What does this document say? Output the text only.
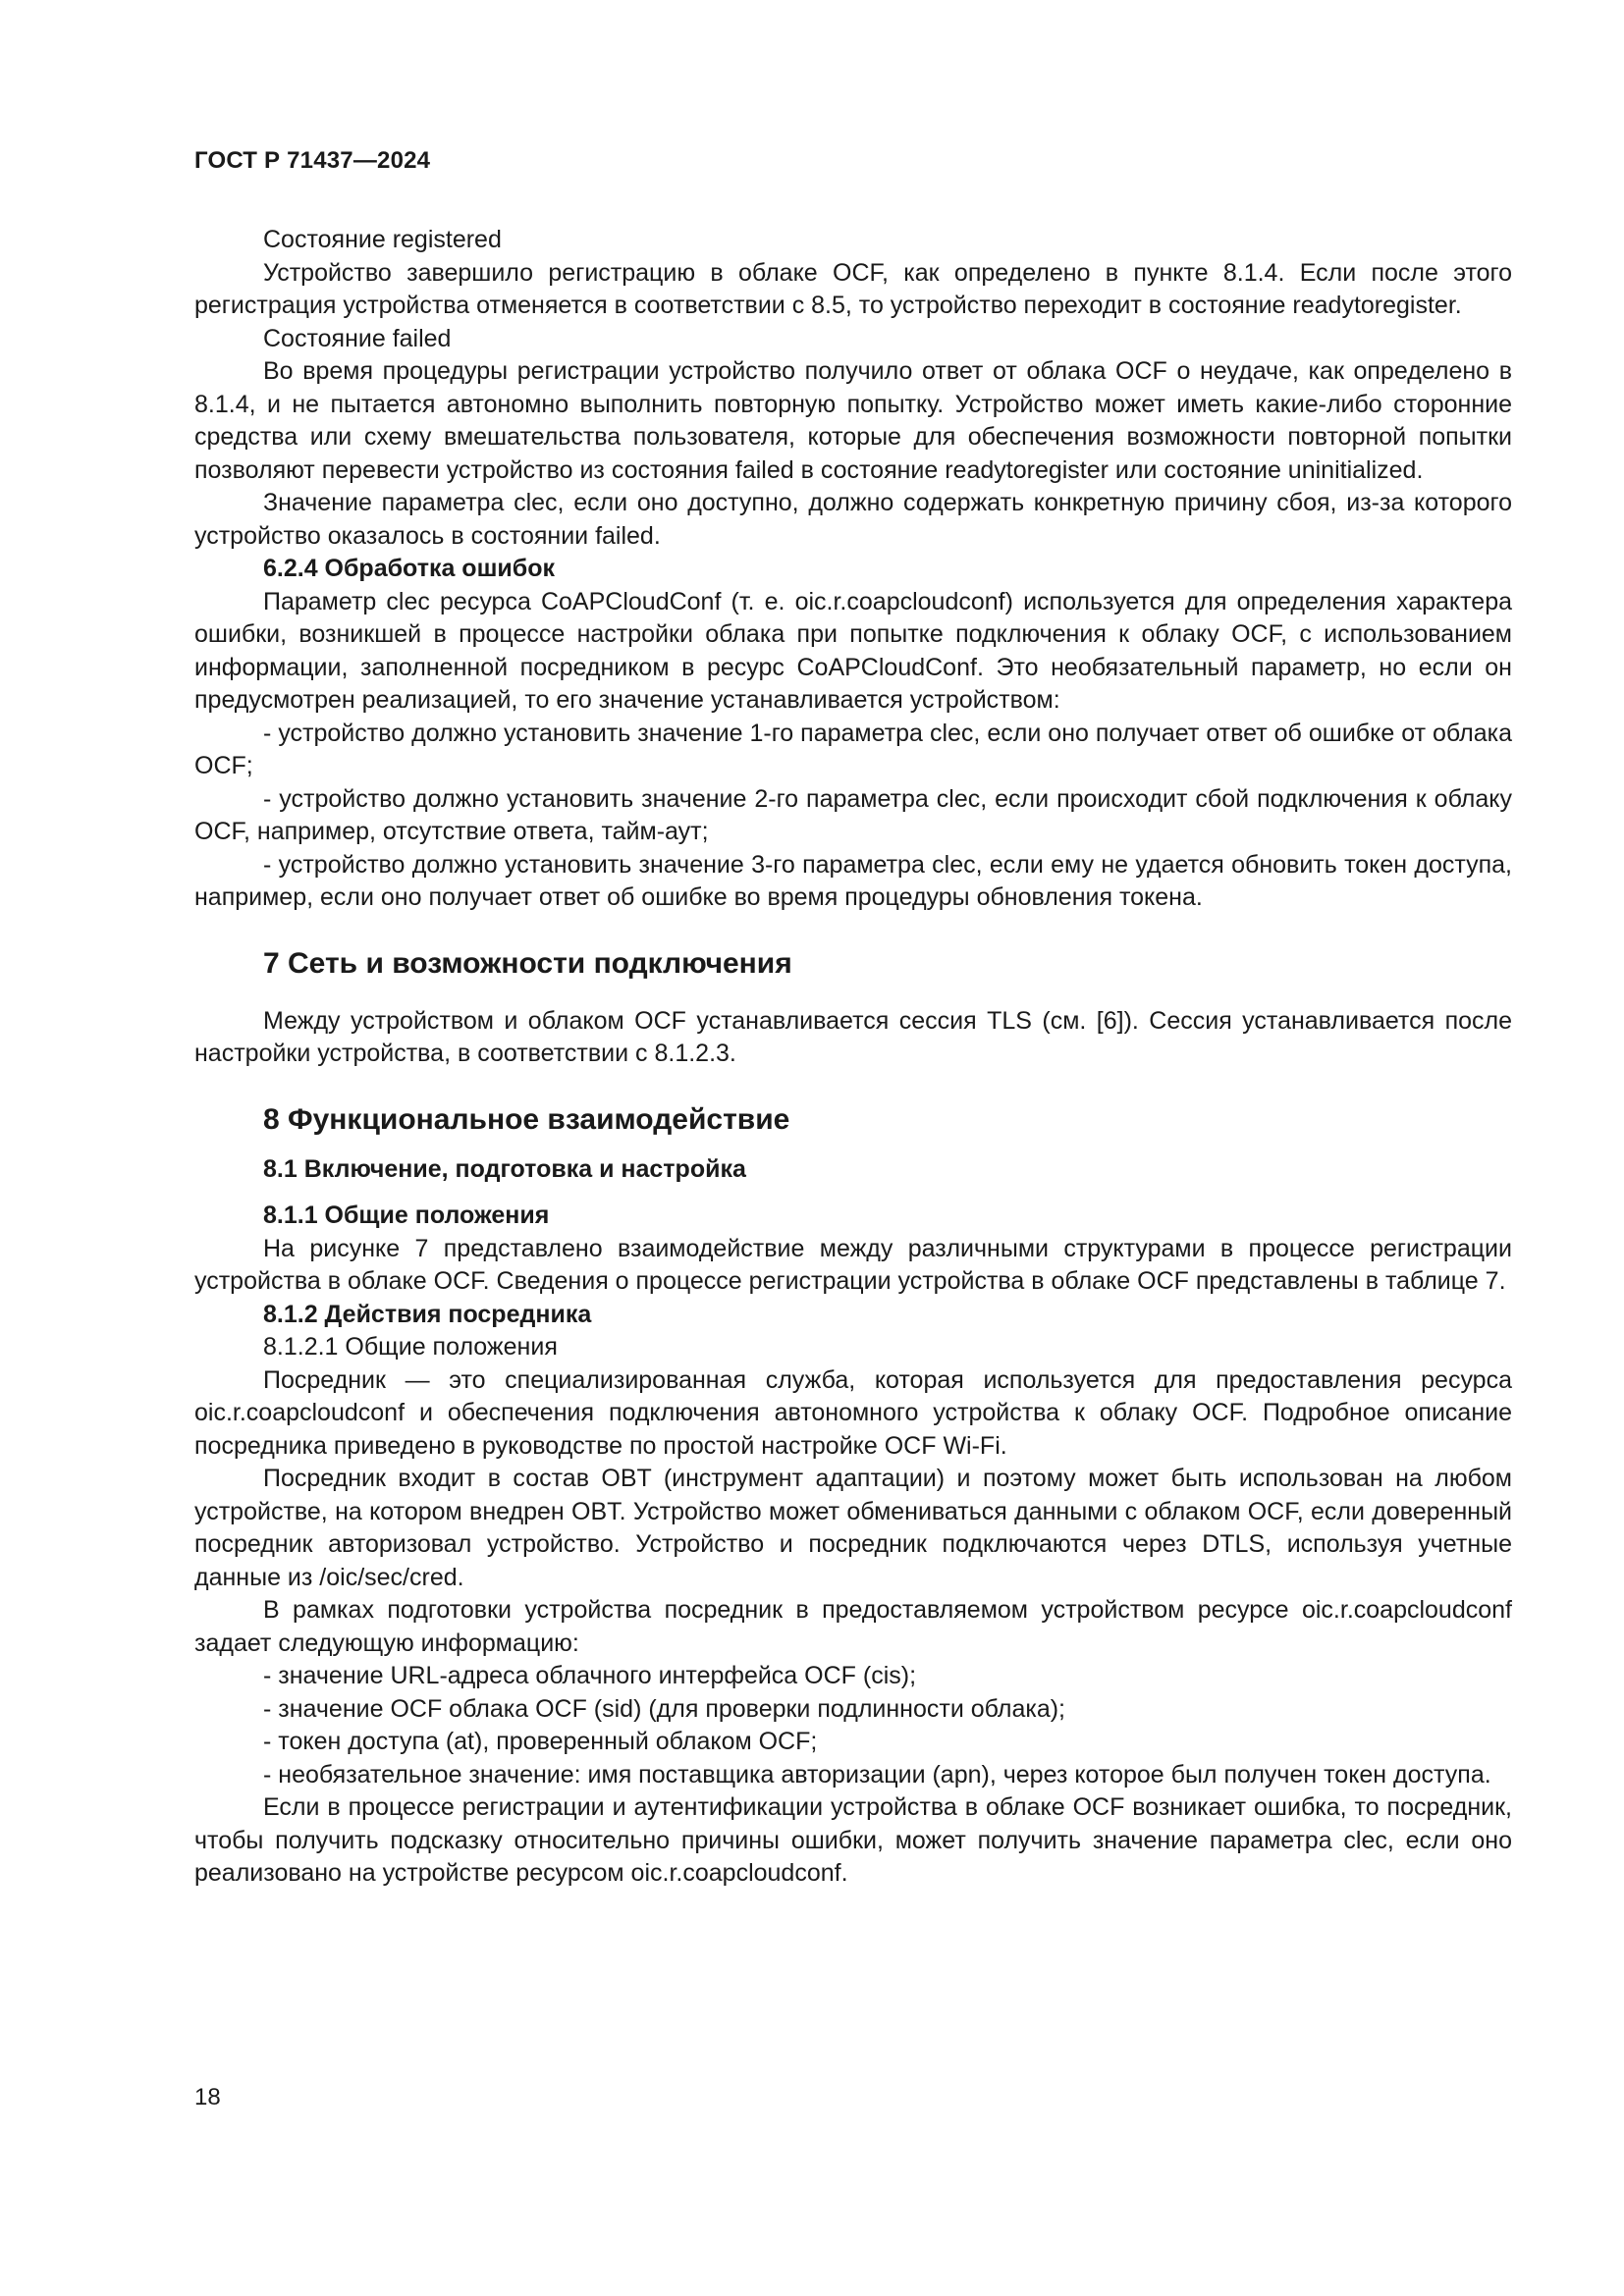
ГОСТ Р 71437—2024

Состояние registered

Устройство завершило регистрацию в облаке OCF, как определено в пункте 8.1.4. Если после этого регистрация устройства отменяется в соответствии с 8.5, то устройство переходит в состояние readytoregister.

Состояние failed

Во время процедуры регистрации устройство получило ответ от облака OCF о неудаче, как определено в 8.1.4, и не пытается автономно выполнить повторную попытку. Устройство может иметь какие-либо сторонние средства или схему вмешательства пользователя, которые для обеспечения возможности повторной попытки позволяют перевести устройство из состояния failed в состояние readytoregister или состояние uninitialized.

Значение параметра clec, если оно доступно, должно содержать конкретную причину сбоя, из-за которого устройство оказалось в состоянии failed.

6.2.4 Обработка ошибок

Параметр clec ресурса CoAPCloudConf (т. е. oic.r.coapcloudconf) используется для определения характера ошибки, возникшей в процессе настройки облака при попытке подключения к облаку OCF, с использованием информации, заполненной посредником в ресурс CoAPCloudConf. Это необязательный параметр, но если он предусмотрен реализацией, то его значение устанавливается устройством:

- устройство должно установить значение 1-го параметра clec, если оно получает ответ об ошибке от облака OCF;

- устройство должно установить значение 2-го параметра clec, если происходит сбой подключения к облаку OCF, например, отсутствие ответа, тайм-аут;

- устройство должно установить значение 3-го параметра clec, если ему не удается обновить токен доступа, например, если оно получает ответ об ошибке во время процедуры обновления токена.

7 Сеть и возможности подключения

Между устройством и облаком OCF устанавливается сессия TLS (см. [6]). Сессия устанавливается после настройки устройства, в соответствии с 8.1.2.3.

8 Функциональное взаимодействие
8.1 Включение, подготовка и настройка

8.1.1 Общие положения

На рисунке 7 представлено взаимодействие между различными структурами в процессе регистрации устройства в облаке OCF. Сведения о процессе регистрации устройства в облаке OCF представлены в таблице 7.

8.1.2 Действия посредника

8.1.2.1 Общие положения

Посредник — это специализированная служба, которая используется для предоставления ресурса oic.r.coapcloudconf и обеспечения подключения автономного устройства к облаку OCF. Подробное описание посредника приведено в руководстве по простой настройке OCF Wi-Fi.

Посредник входит в состав OBT (инструмент адаптации) и поэтому может быть использован на любом устройстве, на котором внедрен OBT. Устройство может обмениваться данными с облаком OCF, если доверенный посредник авторизовал устройство. Устройство и посредник подключаются через DTLS, используя учетные данные из /oic/sec/cred.

В рамках подготовки устройства посредник в предоставляемом устройством ресурсе oic.r.coapcloudconf задает следующую информацию:

- значение URL-адреса облачного интерфейса OCF (cis);

- значение OCF облака OCF (sid) (для проверки подлинности облака);

- токен доступа (at), проверенный облаком OCF;

- необязательное значение: имя поставщика авторизации (apn), через которое был получен токен доступа.

Если в процессе регистрации и аутентификации устройства в облаке OCF возникает ошибка, то посредник, чтобы получить подсказку относительно причины ошибки, может получить значение параметра clec, если оно реализовано на устройстве ресурсом oic.r.coapcloudconf.

18
